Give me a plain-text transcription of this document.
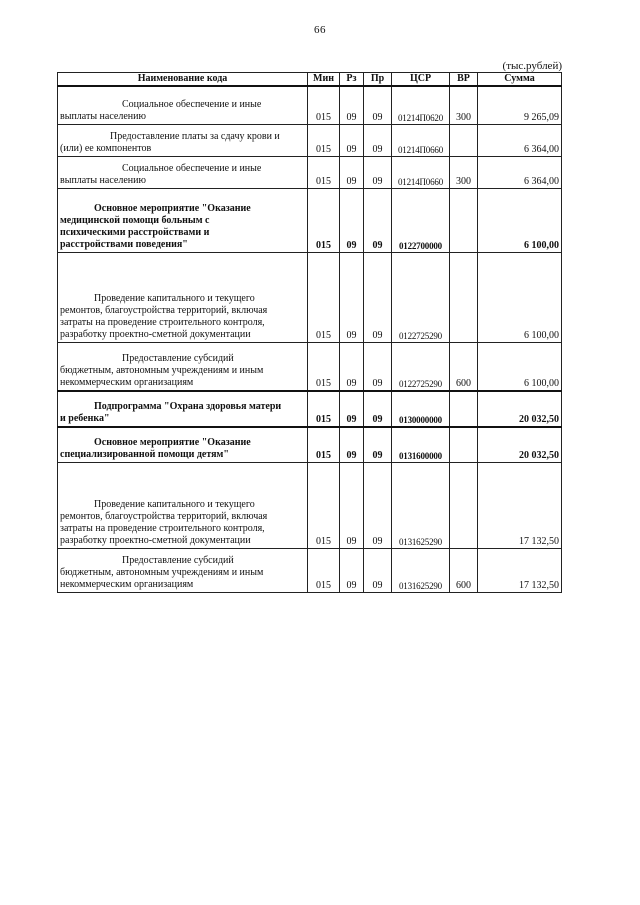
66
(тыс.рублей)
Наименование кода	Мин	Рз	Пр	ЦСР	ВР	Сумма

Социальное обеспечение и иные
выплаты населению	015	09	09	01214П0620	300	9 265,09

Предоставление платы за сдачу крови и
(или) ее компонентов	015	09	09	01214П0660		6 364,00

Социальное обеспечение и иные
выплаты населению	015	09	09	01214П0660	300	6 364,00

Основное мероприятие "Оказание
медицинской помощи больным с
психическими расстройствами и
расстройствами поведения"	015	09	09	0122700000		6 100,00

Проведение капитального и текущего
ремонтов, благоустройства территорий, включая
затраты на проведение строительного контроля,
разработку проектно-сметной документации	015	09	09	0122725290		6 100,00

Предоставление субсидий
бюджетным, автономным учреждениям и иным
некоммерческим организациям	015	09	09	0122725290	600	6 100,00

Подпрограмма "Охрана здоровья матери
и ребенка"	015	09	09	0130000000		20 032,50

Основное мероприятие "Оказание
специализированной помощи детям"	015	09	09	0131600000		20 032,50

Проведение капитального и текущего
ремонтов, благоустройства территорий, включая
затраты на проведение строительного контроля,
разработку проектно-сметной документации	015	09	09	0131625290		17 132,50

Предоставление субсидий
бюджетным, автономным учреждениям и иным
некоммерческим организациям	015	09	09	0131625290	600	17 132,50
